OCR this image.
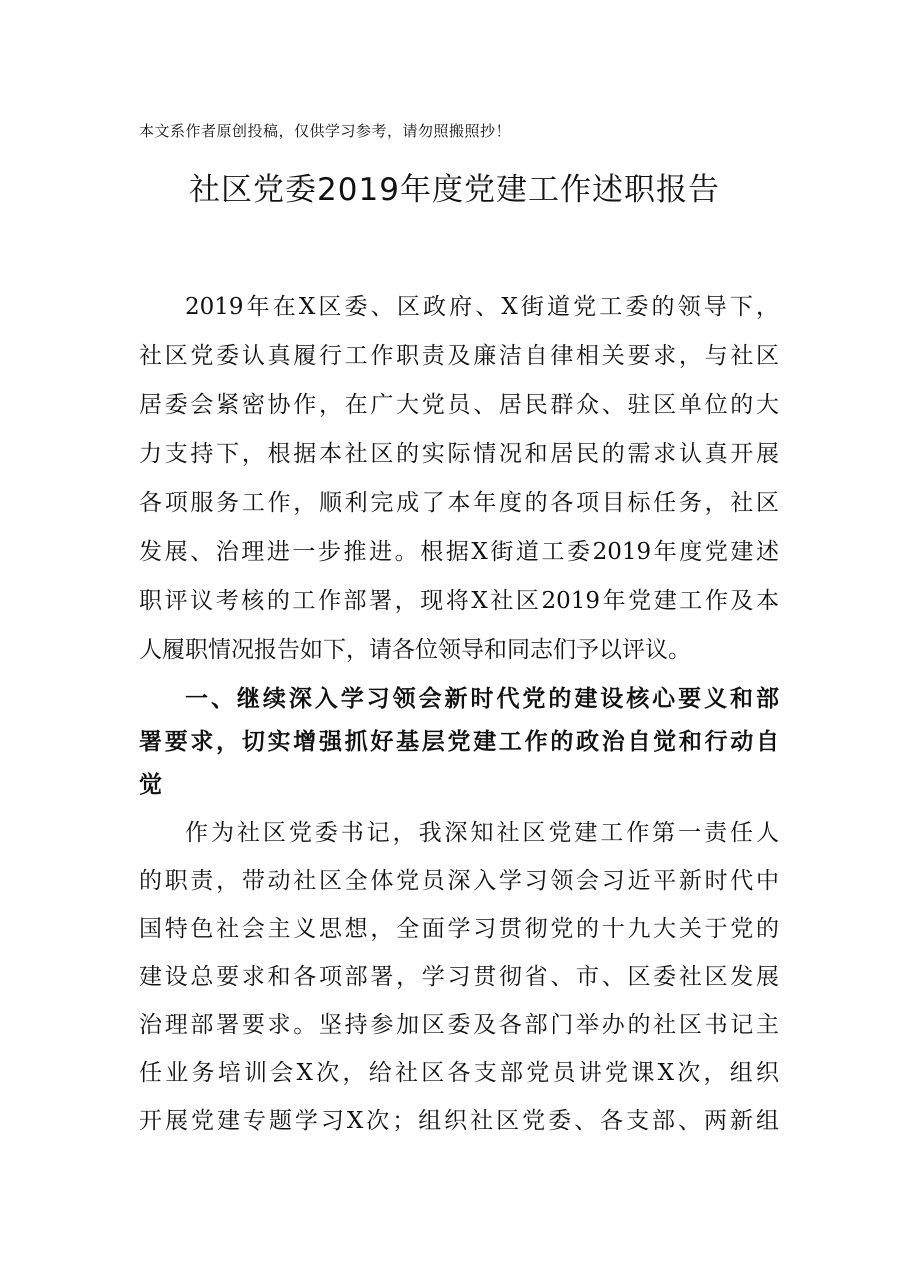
本文系作者原创投稿，仅供学习参考，请勿照搬照抄！
社区党委2019年度党建工作述职报告
2019年在X区委、区政府、X街道党工委的领导下，
社区党委认真履行工作职责及廉洁自律相关要求，与社区
居委会紧密协作，在广大党员、居民群众、驻区单位的大
力支持下，根据本社区的实际情况和居民的需求认真开展
各项服务工作，顺利完成了本年度的各项目标任务，社区
发展、治理进一步推进。根据X街道工委2019年度党建述
职评议考核的工作部署，现将X社区2019年党建工作及本
人履职情况报告如下，请各位领导和同志们予以评议。
一、继续深入学习领会新时代党的建设核心要义和部
署要求，切实增强抓好基层党建工作的政治自觉和行动自
觉
作为社区党委书记，我深知社区党建工作第一责任人
的职责，带动社区全体党员深入学习领会习近平新时代中
国特色社会主义思想，全面学习贯彻党的十九大关于党的
建设总要求和各项部署，学习贯彻省、市、区委社区发展
治理部署要求。坚持参加区委及各部门举办的社区书记主
任业务培训会X次，给社区各支部党员讲党课X次，组织
开展党建专题学习X次；组织社区党委、各支部、两新组
